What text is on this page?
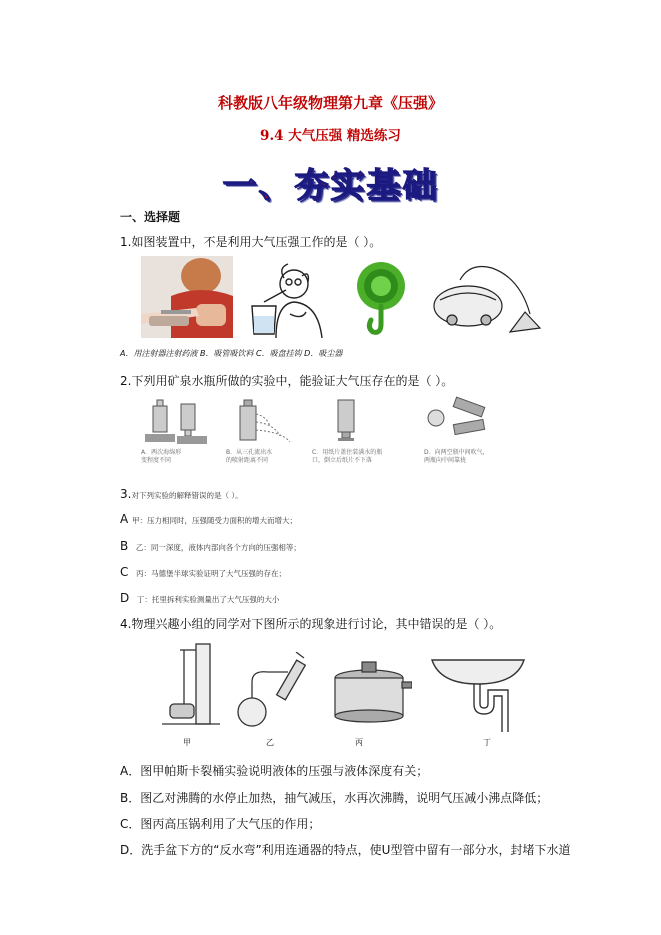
科教版八年级物理第九章《压强》
9.4 大气压强 精选练习
一、夯实基础
一、选择题
1.如图装置中，不是利用大气压强工作的是（ ）。
A．用注射器注射药液 B．吸管吸饮料 C．吸盘挂钩 D．吸尘器
2.下列用矿泉水瓶所做的实验中，能验证大气压存在的是（ ）。
A．两次海绵形
变程度不同
B．从三孔流出水
的喷射距离不同
C．用纸片盖住装满水的瓶
口，倒立后纸片不下落
D．向两空瓶中间吹气，
两瓶向中间靠拢
3.对下列实验的解释错误的是（ ）。
A 甲：压力相同时，压强随受力面积的增大而增大；
B 乙：同一深度，液体内部向各个方向的压强相等；
C 丙：马德堡半球实验证明了大气压强的存在；
D 丁：托里拆利实验测量出了大气压强的大小
4.物理兴趣小组的同学对下图所示的现象进行讨论，其中错误的是（ ）。
甲	乙	丙	丁
A．图甲帕斯卡裂桶实验说明液体的压强与液体深度有关；
B．图乙对沸腾的水停止加热，抽气减压，水再次沸腾，说明气压减小沸点降低；
C．图丙高压锅利用了大气压的作用；
D．洗手盆下方的“反水弯”利用连通器的特点，使U型管中留有一部分水，封堵下水道
